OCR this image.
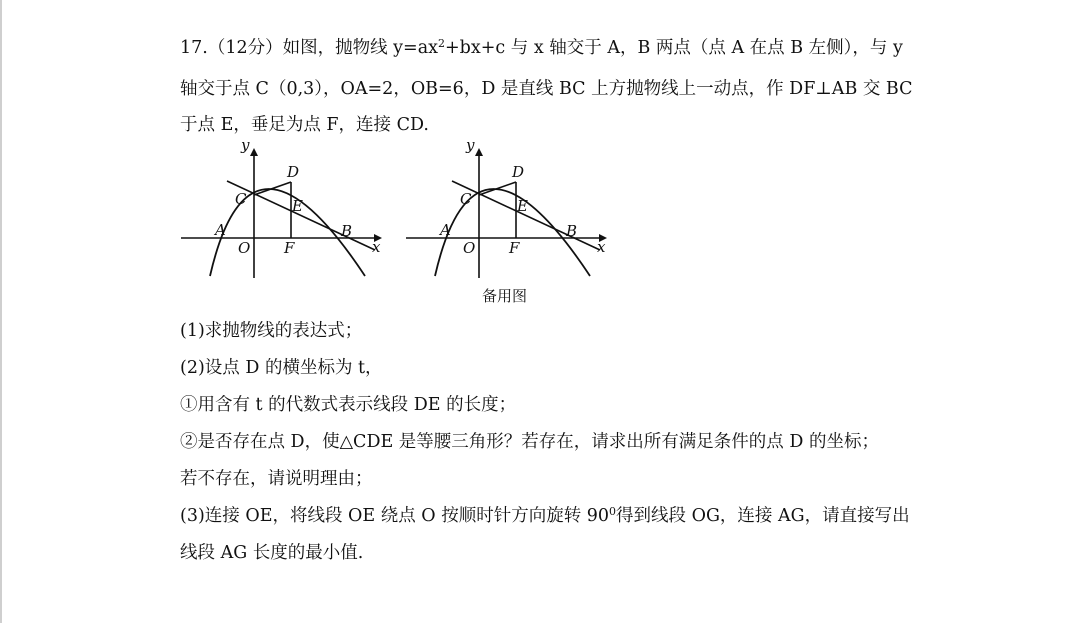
17.（12分）如图，抛物线 $y=ax^2+bx+c$ 与 x 轴交于 A，B 两点（点 A 在点 B 左侧），与 y
轴交于点 C（0,3），OA=2，OB=6，D 是直线 BC 上方抛物线上一动点，作 DF⊥AB 交 BC
于点 E，垂足为点 F，连接 CD.
y
x
A	B
C
D
E
F
O
y
x
A	B
C
D
E
F
O
备用图
(1)求抛物线的表达式；
(2)设点 D 的横坐标为 t，
①用含有 t 的代数式表示线段 DE 的长度；
②是否存在点 D，使△CDE 是等腰三角形？若存在，请求出所有满足条件的点 D 的坐标；
若不存在，请说明理由；
(3)连接 OE，将线段 OE 绕点 O 按顺时针方向旋转 $90^0$得到线段 OG，连接 AG，请直接写出
线段 AG 长度的最小值.
